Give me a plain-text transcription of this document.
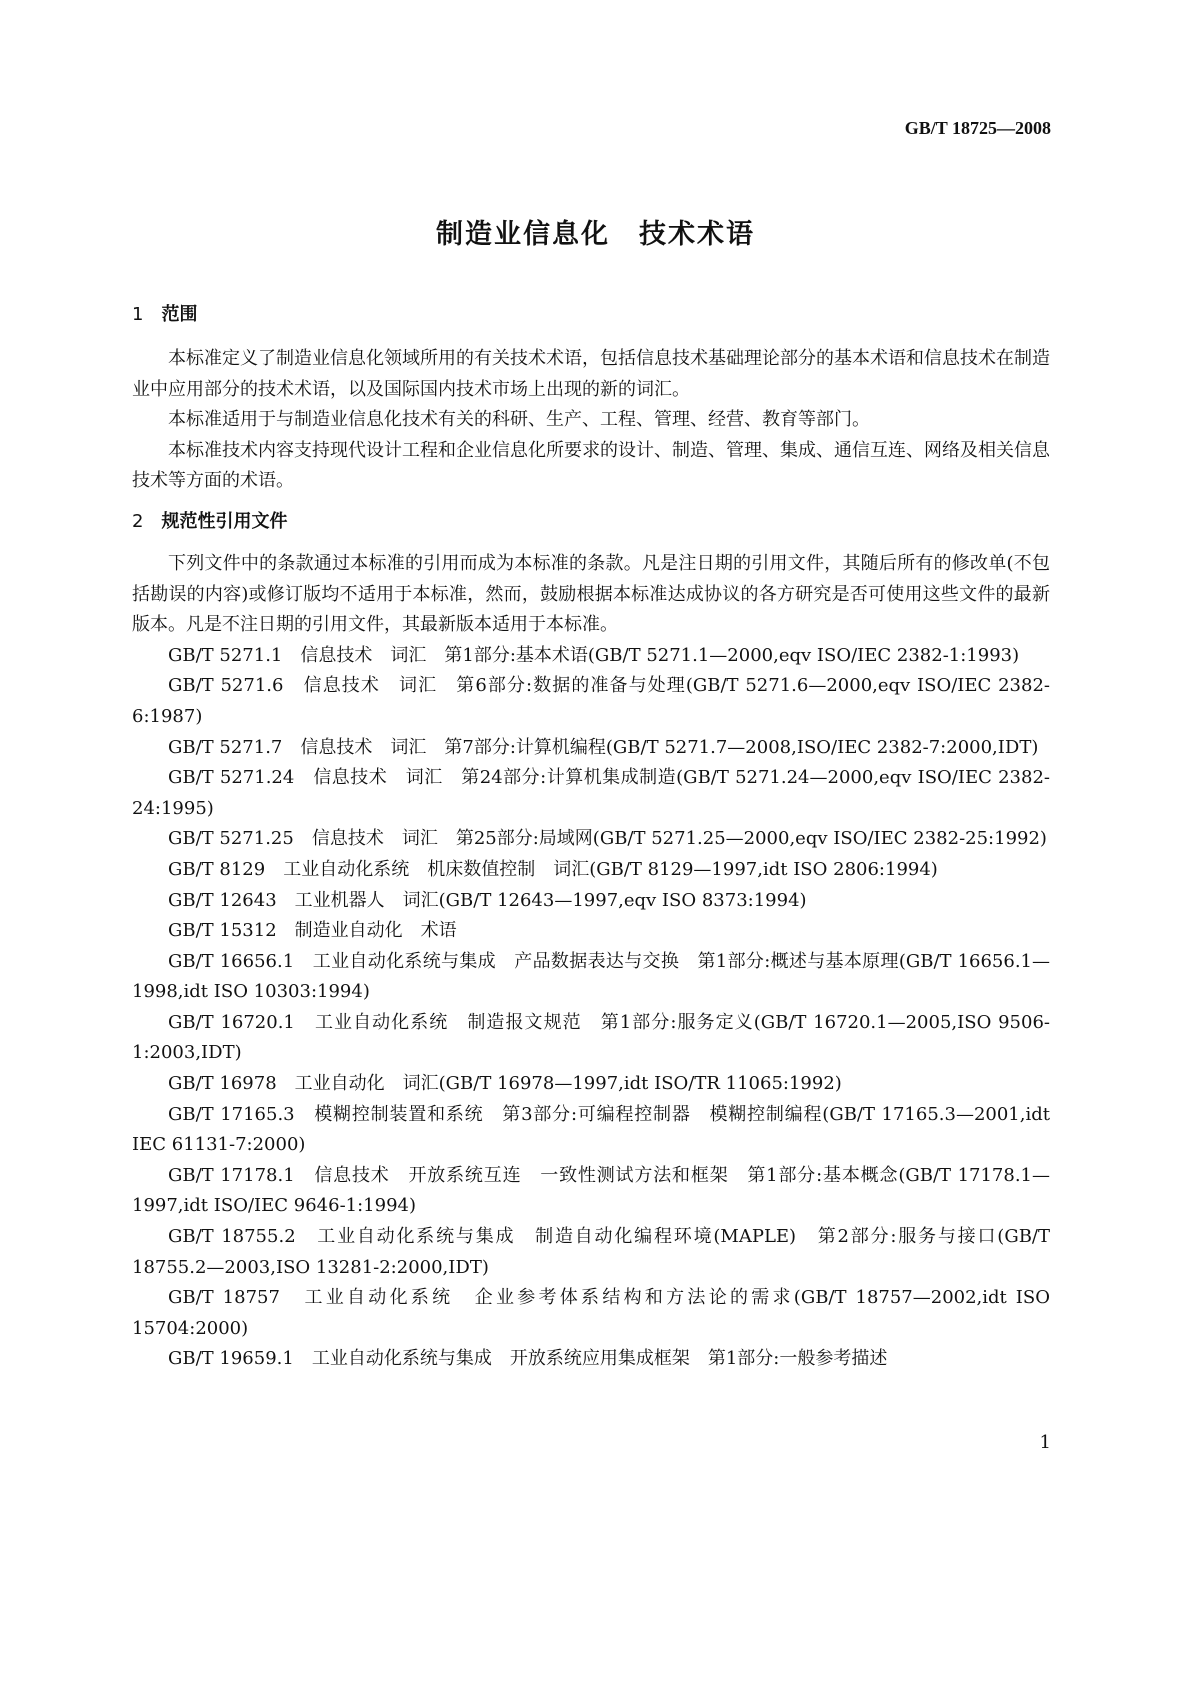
GB/T 18725—2008
制造业信息化　技术术语
1 范围

本标准定义了制造业信息化领域所用的有关技术术语，包括信息技术基础理论部分的基本术语和信息技术在制造业中应用部分的技术术语，以及国际国内技术市场上出现的新的词汇。

本标准适用于与制造业信息化技术有关的科研、生产、工程、管理、经营、教育等部门。

本标准技术内容支持现代设计工程和企业信息化所要求的设计、制造、管理、集成、通信互连、网络及相关信息技术等方面的术语。

2 规范性引用文件

下列文件中的条款通过本标准的引用而成为本标准的条款。凡是注日期的引用文件，其随后所有的修改单(不包括勘误的内容)或修订版均不适用于本标准，然而，鼓励根据本标准达成协议的各方研究是否可使用这些文件的最新版本。凡是不注日期的引用文件，其最新版本适用于本标准。

GB/T 5271.1　信息技术　词汇　第1部分:基本术语(GB/T 5271.1—2000,eqv ISO/IEC 2382-1:1993)

GB/T 5271.6　信息技术　词汇　第6部分:数据的准备与处理(GB/T 5271.6—2000,eqv ISO/IEC 2382-6:1987)

GB/T 5271.7　信息技术　词汇　第7部分:计算机编程(GB/T 5271.7—2008,ISO/IEC 2382-7:2000,IDT)

GB/T 5271.24　信息技术　词汇　第24部分:计算机集成制造(GB/T 5271.24—2000,eqv ISO/IEC 2382-24:1995)

GB/T 5271.25　信息技术　词汇　第25部分:局域网(GB/T 5271.25—2000,eqv ISO/IEC 2382-25:1992)

GB/T 8129　工业自动化系统　机床数值控制　词汇(GB/T 8129—1997,idt ISO 2806:1994)

GB/T 12643　工业机器人　词汇(GB/T 12643—1997,eqv ISO 8373:1994)

GB/T 15312　制造业自动化　术语

GB/T 16656.1　工业自动化系统与集成　产品数据表达与交换　第1部分:概述与基本原理(GB/T 16656.1—1998,idt ISO 10303:1994)

GB/T 16720.1　工业自动化系统　制造报文规范　第1部分:服务定义(GB/T 16720.1—2005,ISO 9506-1:2003,IDT)

GB/T 16978　工业自动化　词汇(GB/T 16978—1997,idt ISO/TR 11065:1992)

GB/T 17165.3　模糊控制装置和系统　第3部分:可编程控制器　模糊控制编程(GB/T 17165.3—2001,idt IEC 61131-7:2000)

GB/T 17178.1　信息技术　开放系统互连　一致性测试方法和框架　第1部分:基本概念(GB/T 17178.1—1997,idt ISO/IEC 9646-1:1994)

GB/T 18755.2　工业自动化系统与集成　制造自动化编程环境(MAPLE)　第2部分:服务与接口(GB/T 18755.2—2003,ISO 13281-2:2000,IDT)

GB/T 18757　工业自动化系统　企业参考体系结构和方法论的需求(GB/T 18757—2002,idt ISO 15704:2000)

GB/T 19659.1　工业自动化系统与集成　开放系统应用集成框架　第1部分:一般参考描述

1
